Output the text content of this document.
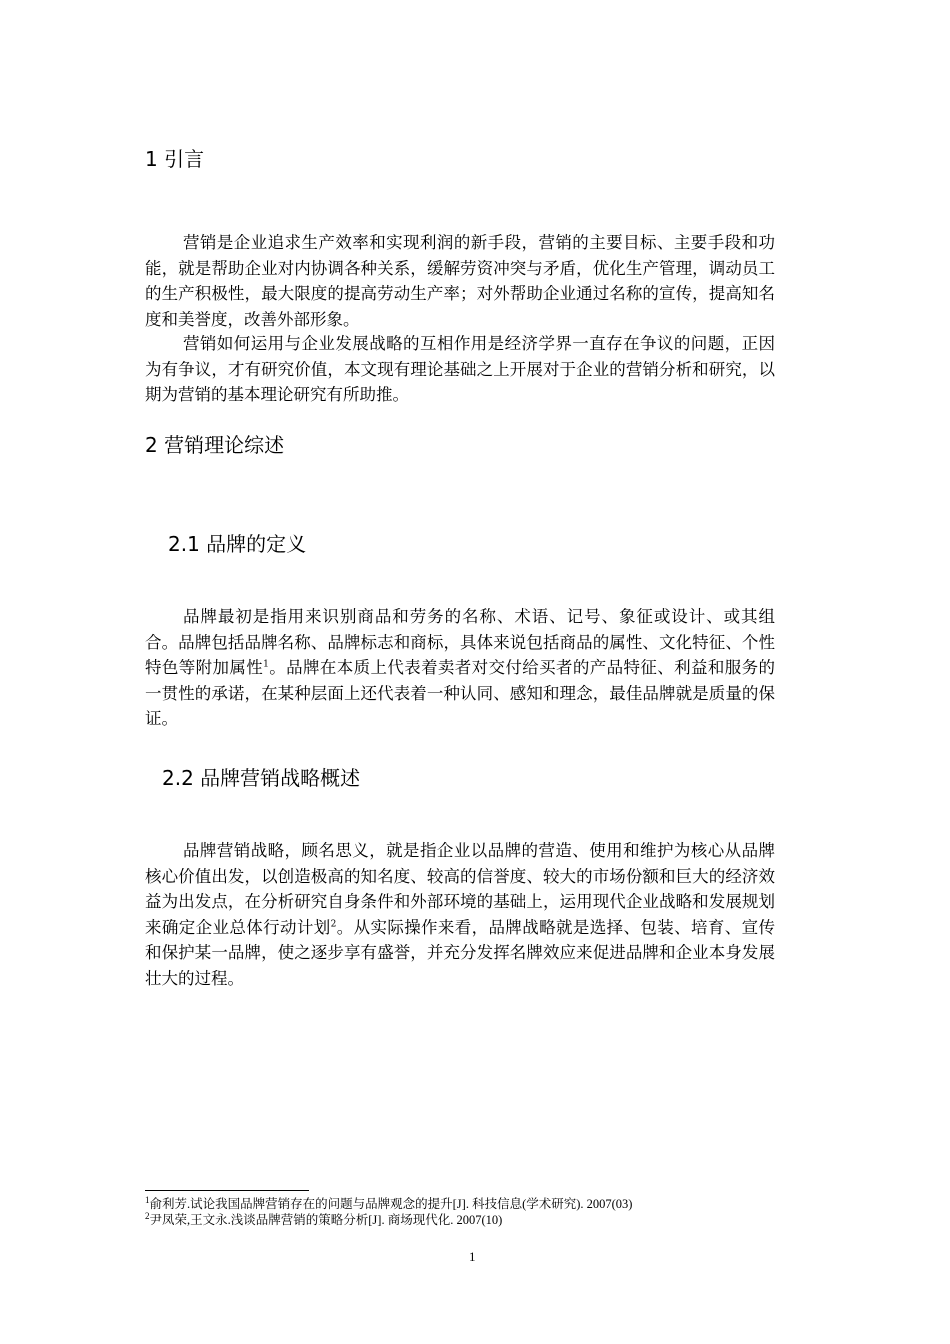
1 引言

营销是企业追求生产效率和实现利润的新手段，营销的主要目标、主要手段和功能，就是帮助企业对内协调各种关系，缓解劳资冲突与矛盾，优化生产管理，调动员工的生产积极性，最大限度的提高劳动生产率；对外帮助企业通过名称的宣传，提高知名度和美誉度，改善外部形象。

营销如何运用与企业发展战略的互相作用是经济学界一直存在争议的问题，正因为有争议，才有研究价值，本文现有理论基础之上开展对于企业的营销分析和研究，以期为营销的基本理论研究有所助推。

2 营销理论综述
2.1 品牌的定义

品牌最初是指用来识别商品和劳务的名称、术语、记号、象征或设计、或其组合。品牌包括品牌名称、品牌标志和商标，具体来说包括商品的属性、文化特征、个性特色等附加属性$^1$。品牌在本质上代表着卖者对交付给买者的产品特征、利益和服务的一贯性的承诺，在某种层面上还代表着一种认同、感知和理念，最佳品牌就是质量的保证。

2.2 品牌营销战略概述

品牌营销战略，顾名思义，就是指企业以品牌的营造、使用和维护为核心从品牌核心价值出发，以创造极高的知名度、较高的信誉度、较大的市场份额和巨大的经济效益为出发点，在分析研究自身条件和外部环境的基础上，运用现代企业战略和发展规划来确定企业总体行动计划$^2$。从实际操作来看，品牌战略就是选择、包装、培育、宣传和保护某一品牌，使之逐步享有盛誉，并充分发挥名牌效应来促进品牌和企业本身发展壮大的过程。

$^1$俞利芳.试论我国品牌营销存在的问题与品牌观念的提升[J]. 科技信息(学术研究). 2007(03)
$^2$尹凤荣,王文永.浅谈品牌营销的策略分析[J]. 商场现代化. 2007(10)
1
